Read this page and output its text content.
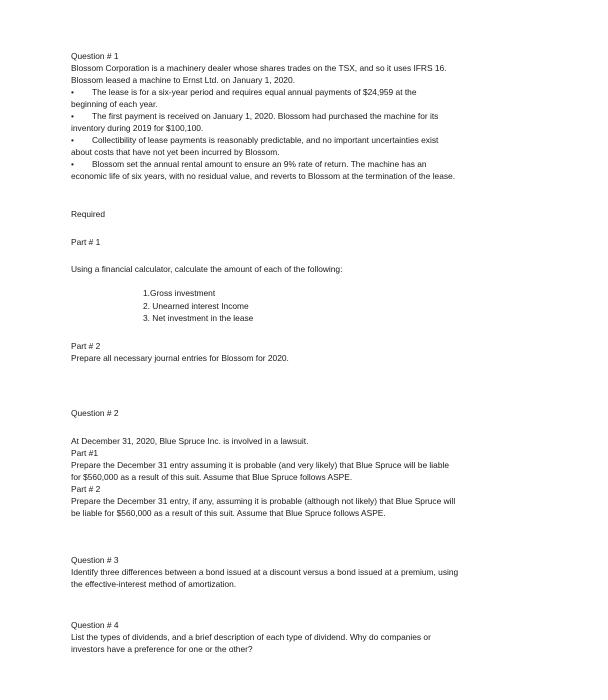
Question # 1
Blossom Corporation is a machinery dealer whose shares trades on the TSX, and so it uses IFRS 16.
Blossom leased a machine to Ernst Ltd. on January 1, 2020.
• The lease is for a six-year period and requires equal annual payments of $24,959 at the
beginning of each year.
• The first payment is received on January 1, 2020. Blossom had purchased the machine for its
inventory during 2019 for $100,100.
• Collectibility of lease payments is reasonably predictable, and no important uncertainties exist
about costs that have not yet been incurred by Blossom.
• Blossom set the annual rental amount to ensure an 9% rate of return. The machine has an
economic life of six years, with no residual value, and reverts to Blossom at the termination of the lease.
Required
Part # 1
Using a financial calculator, calculate the amount of each of the following:
1.Gross investment
2. Unearned interest Income
3. Net investment in the lease
Part # 2
Prepare all necessary journal entries for Blossom for 2020.
Question # 2
At December 31, 2020, Blue Spruce Inc. is involved in a lawsuit.
Part #1
Prepare the December 31 entry assuming it is probable (and very likely) that Blue Spruce will be liable
for $560,000 as a result of this suit. Assume that Blue Spruce follows ASPE.
Part # 2
Prepare the December 31 entry, if any, assuming it is probable (although not likely) that Blue Spruce will
be liable for $560,000 as a result of this suit. Assume that Blue Spruce follows ASPE.
Question # 3
Identify three differences between a bond issued at a discount versus a bond issued at a premium, using
the effective-interest method of amortization.
Question # 4
List the types of dividends, and a brief description of each type of dividend. Why do companies or
investors have a preference for one or the other?
